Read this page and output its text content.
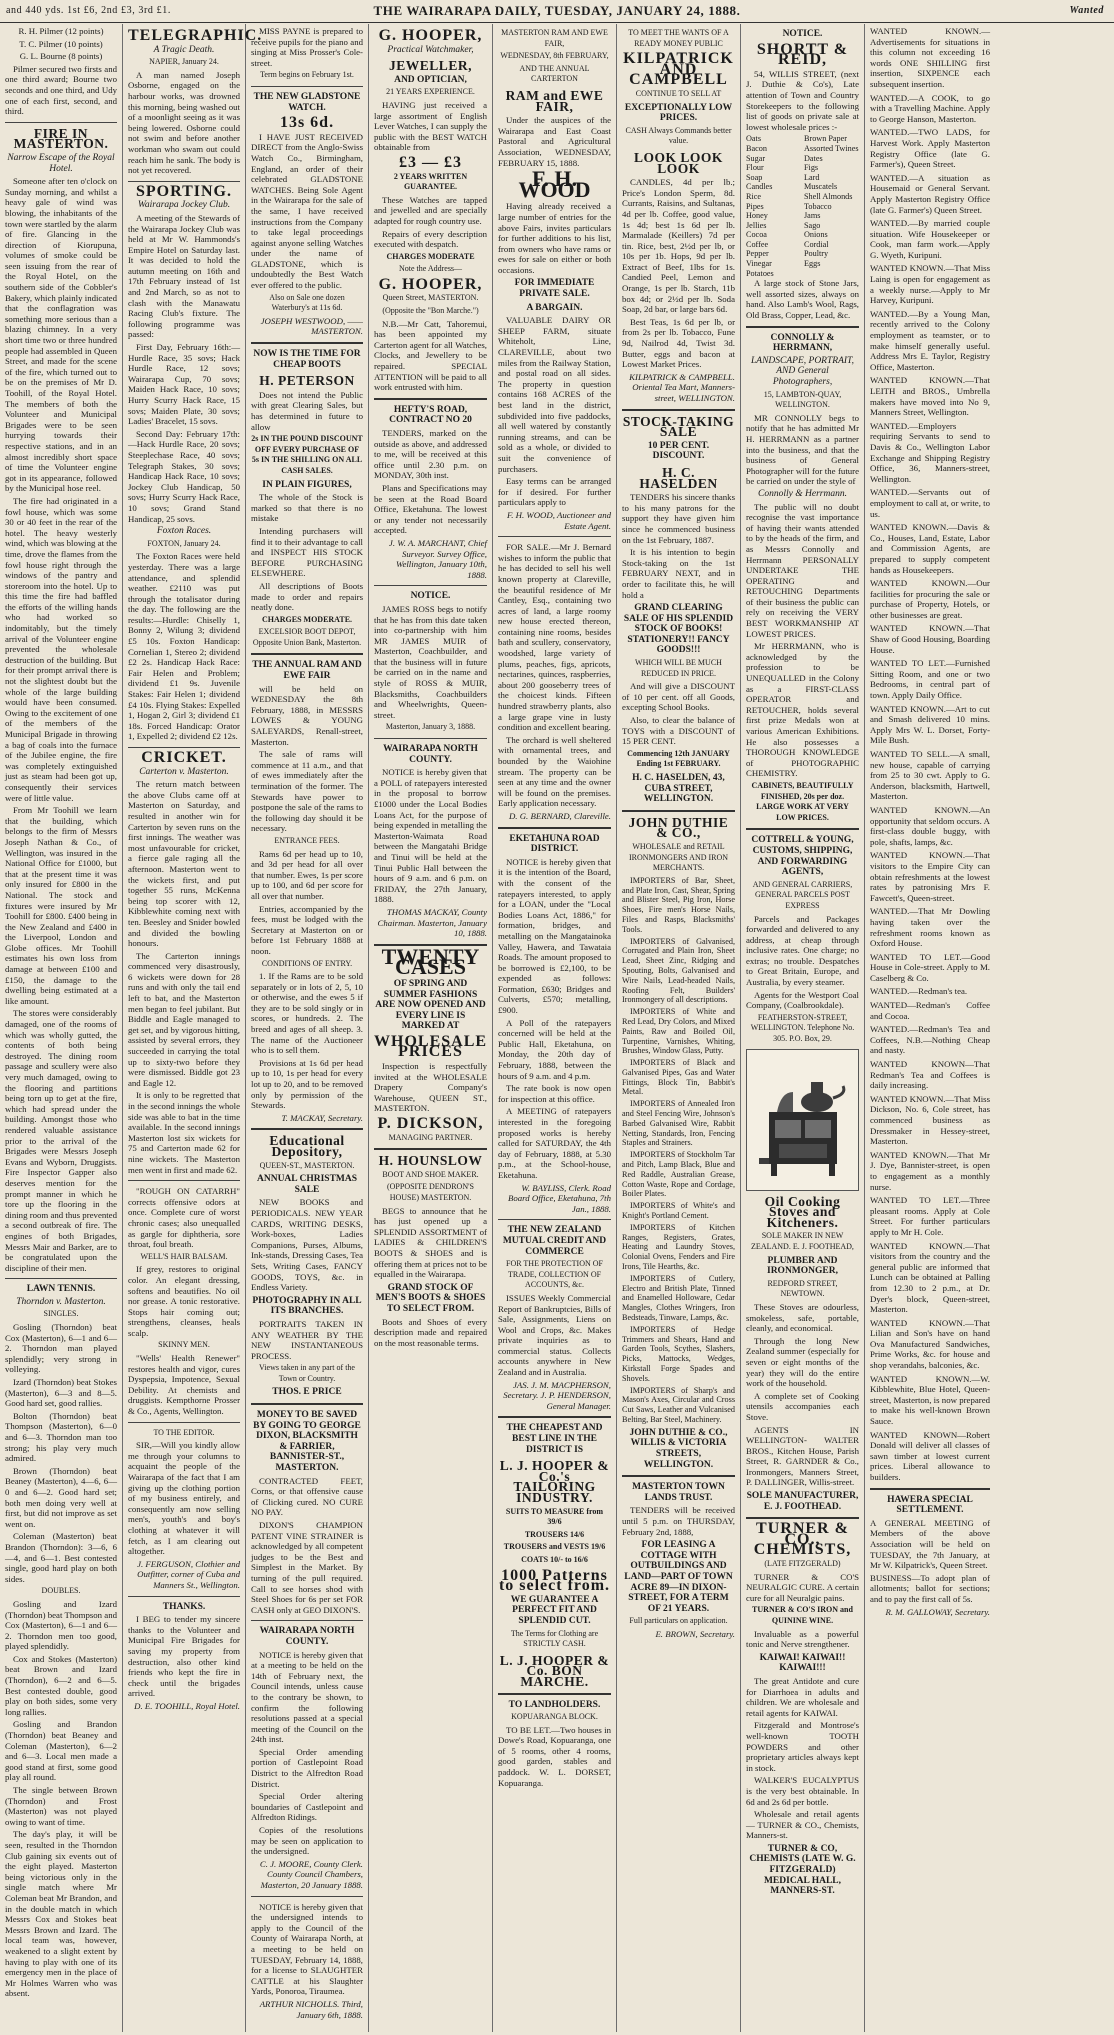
and 440 yds. 1st £6, 2nd £3, 3rd £1.	THE WAIRARAPA DAILY, TUESDAY, JANUARY 24, 1888.	Wanted

R. H. Pilmer (12 points)

T. C. Pilmer (10 points)

G. L. Bourne (8 points)

Pilmer secured two firsts and one third award; Bourne two seconds and one third, and Udy one of each first, second, and third.

FIRE IN MASTERTON.
Narrow Escape of the Royal Hotel.

Someone after ten o'clock on Sunday morning, and whilst a heavy gale of wind was blowing, the inhabitants of the town were startled by the alarm of fire. Glancing in the direction of Kiorupuna, volumes of smoke could be seen issuing from the rear of the Royal Hotel, on the southern side of the Cobbler's Bakery, which plainly indicated that the conflagration was something more serious than a blazing chimney. In a very short time two or three hundred people had assembled in Queen Street, and made for the scene of the fire, which turned out to be on the premises of Mr D. Toohill, of the Royal Hotel. The members of both the Volunteer and Municipal Brigades were to be seen hurrying towards their respective stations, and in an almost incredibly short space of time the Volunteer engine got in its appearance, followed by the Municipal hose reel.

The fire had originated in a fowl house, which was some 30 or 40 feet in the rear of the hotel. The heavy westerly wind, which was blowing at the time, drove the flames from the fowl house right through the windows of the pantry and storeroom into the hotel. Up to this time the fire had baffled the efforts of the willing hands who had worked so indomitably, but the timely arrival of the Volunteer engine prevented the wholesale destruction of the building. But for their prompt arrival there is not the slightest doubt but the whole of the large building would have been consumed. Owing to the excitement of one of the members of the Municipal Brigade in throwing a bag of coals into the furnace of the Jubilee engine, the fire was completely extinguished just as steam had been got up, consequently their services were of little value.

From Mr Toohill we learn that the building, which belongs to the firm of Messrs Joseph Nathan & Co., of Wellington, was insured in the National Office for £1000, but that at the present time it was only insured for £800 in the National. The stock and fixtures were insured by Mr Toohill for £800. £400 being in the New Zealand and £400 in the Liverpool, London and Globe offices. Mr Toohill estimates his own loss from damage at between £100 and £150, the damage to the dwelling being estimated at a like amount.

The stores were considerably damaged, one of the rooms of which was wholly gutted, the contents of both being destroyed. The dining room passage and scullery were also very much damaged, owing to the flooring and partitions being torn up to get at the fire, which had spread under the building. Amongst those who rendered valuable assistance prior to the arrival of the Brigades were Messrs Joseph Evans and Wyborn, Druggists. Fire Inspector Gapper also deserves mention for the prompt manner in which he tore up the flooring in the dining room and thus prevented a second outbreak of fire. The engines of both Brigades, Messrs Mair and Barker, are to be congratulated upon the discipline of their men.

LAWN TENNIS.
Thorndon v. Masterton.
SINGLES.

Gosling (Thorndon) beat Cox (Masterton), 6—1 and 6—2. Thorndon man played splendidly; very strong in volleying.

Izard (Thorndon) beat Stokes (Masterton), 6—3 and 8—5. Good hard set, good rallies.

Bolton (Thorndon) beat Thompson (Masterton), 6—0 and 6—3. Thorndon man too strong; his play very much admired.

Brown (Thorndon) beat Beaney (Masterton), 4—6, 6—0 and 6—2. Good hard set; both men doing very well at first, but did not improve as set went on.

Coleman (Masterton) beat Brandon (Thorndon): 3—6, 6—4, and 6—1. Best contested single, good hard play on both sides.

DOUBLES.

Gosling and Izard (Thorndon) beat Thompson and Cox (Masterton), 6—1 and 6—2. Thorndon men too good, played splendidly.

Cox and Stokes (Masterton) beat Brown and Izard (Thorndon), 6—2 and 6—5. Best contested double, good play on both sides, some very long rallies.

Gosling and Brandon (Thorndon) beat Beaney and Coleman (Masterton), 6—2 and 6—3. Local men made a good stand at first, some good play all round.

The single between Brown (Thorndon) and Frost (Masterton) was not played owing to want of time.

The day's play, it will be seen, resulted in the Thorndon Club gaining six events out of the eight played. Masterton being victorious only in the single match where Mr Coleman beat Mr Brandon, and in the double match in which Messrs Cox and Stokes beat Messrs Brown and Izard. The local team was, however, weakened to a slight extent by having to play with one of its emergency men in the place of Mr Holmes Warren who was absent.

TELEGRAPHIC.
A Tragic Death.
NAPIER, January 24.

A man named Joseph Osborne, engaged on the harbour works, was drowned this morning, being washed out of a moonlight seeing as it was being lowered. Osborne could not swim and before another workman who swam out could reach him he sank. The body is not yet recovered.

SPORTING.
Wairarapa Jockey Club.

A meeting of the Stewards of the Wairarapa Jockey Club was held at Mr W. Hammonds's Empire Hotel on Saturday last. It was decided to hold the autumn meeting on 16th and 17th February instead of 1st and 2nd March, so as not to clash with the Manawatu Racing Club's fixture. The following programme was passed:

First Day, February 16th:—Hurdle Race, 35 sovs; Hack Hurdle Race, 12 sovs; Wairarapa Cup, 70 sovs; Maiden Hack Race, 10 sovs; Hurry Scurry Hack Race, 15 sovs; Maiden Plate, 30 sovs; Ladies' Bracelet, 15 sovs.

Second Day: February 17th:—Hack Hurdle Race, 20 sovs; Steeplechase Race, 40 sovs; Telegraph Stakes, 30 sovs; Handicap Hack Race, 10 sovs; Jockey Club Handicap, 50 sovs; Hurry Scurry Hack Race, 10 sovs; Grand Stand Handicap, 25 sovs.

Foxton Races.
FOXTON, January 24.

The Foxton Races were held yesterday. There was a large attendance, and splendid weather. £2110 was put through the totalisator during the day. The following are the results:—Hurdle: Chiselly 1, Bonny 2, Wilung 3; dividend £5 10s. Foxton Handicap: Cornelian 1, Stereo 2; dividend £2 2s. Handicap Hack Race: Fair Helen and Problem; dividend £1 9s. Juvenile Stakes: Fair Helen 1; dividend £4 10s. Flying Stakes: Expelled 1, Hogan 2, Girl 3; dividend £1 18s. Forced Handicap: Orator 1, Expelled 2; dividend £2 12s.

CRICKET.
Carterton v. Masterton.

The return match between the above Clubs came off at Masterton on Saturday, and resulted in another win for Carterton by seven runs on the first innings. The weather was most unfavourable for cricket, a fierce gale raging all the afternoon. Masterton went to the wickets first, and put together 55 runs, McKenna being top scorer with 12, Kibblewhite coming next with ten. Beesley and Snider bowled and divided the bowling honours.

The Carterton innings commenced very disastrously, 6 wickets were down for 28 runs and with only the tail end left to bat, and the Masterton men began to feel jubilant. But Biddle and Eagle managed to get set, and by vigorous hitting, assisted by several errors, they succeeded in carrying the total up to sixty-two before they were dismissed. Biddle got 23 and Eagle 12.

It is only to be regretted that in the second innings the whole side was able to bat in the time available. In the second innings Masterton lost six wickets for 75 and Carterton made 62 for nine wickets. The Masterton men went in first and made 62.

"ROUGH ON CATARRH" corrects offensive odors at once. Complete cure of worst chronic cases; also unequalled as gargle for diphtheria, sore throat, foul breath.

WELL'S HAIR BALSAM.

If grey, restores to original color. An elegant dressing, softens and beautifies. No oil nor grease. A tonic restorative. Stops hair coming out; strengthens, cleanses, heals scalp.

SKINNY MEN.

"Wells' Health Renewer" restores health and vigor, cures Dyspepsia, Impotence, Sexual Debility. At chemists and druggists. Kempthorne Prosser & Co., Agents, Wellington.

TO THE EDITOR.

SIR,—Will you kindly allow me through your columns to acquaint the people of the Wairarapa of the fact that I am giving up the clothing portion of my business entirely, and consequently am now selling men's, youth's and boy's clothing at whatever it will fetch, as I am clearing out altogether.

J. FERGUSON, Clothier and Outfitter, corner of Cuba and Manners St., Wellington.
THANKS.

I BEG to tender my sincere thanks to the Volunteer and Municipal Fire Brigades for saving my property from destruction, also other kind friends who kept the fire in check until the brigades arrived.

D. E. TOOHILL, Royal Hotel.

MISS PAYNE is prepared to receive pupils for the piano and singing at Miss Prosser's Cole-street.

Term begins on February 1st.
THE NEW GLADSTONE WATCH.
13s 6d.

I HAVE JUST RECEIVED DIRECT from the Anglo-Swiss Watch Co., Birmingham, England, an order of their celebrated GLADSTONE WATCHES. Being Sole Agent in the Wairarapa for the sale of the same, I have received instructions from the Company to take legal proceedings against anyone selling Watches under the name of GLADSTONE, which is undoubtedly the Best Watch ever offered to the public.

Also on Sale one dozen Waterbury's at 11s 6d.
JOSEPH WESTWOOD, ——MASTERTON.
NOW IS THE TIME FOR CHEAP BOOTS
H. PETERSON

Does not intend the Public with great Clearing Sales, but has determined in future to allow

2s IN THE POUND DISCOUNT OFF EVERY PURCHASE OF 5s IN THE SHILLING ON ALL CASH SALES.
IN PLAIN FIGURES,

The whole of the Stock is marked so that there is no mistake

Intending purchasers will find it to their advantage to call and INSPECT HIS STOCK BEFORE PURCHASING ELSEWHERE.

All descriptions of Boots made to order and repairs neatly done.

CHARGES MODERATE.
EXCELSIOR BOOT DEPOT, Opposite Union Bank, Masterton.
THE ANNUAL RAM AND EWE FAIR

will be held on WEDNESDAY the 8th February, 1888, in MESSRS LOWES & YOUNG SALEYARDS, Renall-street, Masterton.

The sale of rams will commence at 11 a.m., and that of ewes immediately after the termination of the former. The Stewards have power to postpone the sale of the rams to the following day should it be necessary.

ENTRANCE FEES.

Rams 6d per head up to 10, and 3d per head for all over that number. Ewes, 1s per score up to 100, and 6d per score for all over that number.

Entries, accompanied by the fees, must be lodged with the Secretary at Masterton on or before 1st February 1888 at noon.

CONDITIONS OF ENTRY.

1. If the Rams are to be sold separately or in lots of 2, 5, 10 or otherwise, and the ewes 5 if they are to be sold singly or in scores, or hundreds. 2. The breed and ages of all sheep. 3. The name of the Auctioneer who is to sell them.

Provisions at 1s 6d per head up to 10, 1s per head for every lot up to 20, and to be removed only by permission of the Stewards.

T. MACKAY, Secretary.
Educational Depository,
QUEEN-ST., MASTERTON.
ANNUAL CHRISTMAS SALE

NEW BOOKS and PERIODICALS. NEW YEAR CARDS, WRITING DESKS, Work-boxes, Ladies Companions, Purses, Albums, Ink-stands, Dressing Cases, Tea Sets, Writing Cases, FANCY GOODS, TOYS, &c. in Endless Variety.

PHOTOGRAPHY IN ALL ITS BRANCHES.

PORTRAITS TAKEN IN ANY WEATHER BY THE NEW INSTANTANEOUS PROCESS.

Views taken in any part of the Town or Country.
THOS. E PRICE
MONEY TO BE SAVED BY GOING TO GEORGE DIXON, BLACKSMITH & FARRIER, BANNISTER-ST., MASTERTON.

CONTRACTED FEET, Corns, or that offensive cause of Clicking cured. NO CURE NO PAY.

DIXON'S CHAMPION PATENT VINE STRAINER is acknowledged by all competent judges to be the Best and Simplest in the Market. By turning of the pull required. Call to see horses shod with Steel Shoes for 6s per set FOR CASH only at GEO DIXON'S.

WAIRARAPA NORTH COUNTY.

NOTICE is hereby given that at a meeting to be held on the 14th of February next, the Council intends, unless cause to the contrary be shown, to confirm the following resolutions passed at a special meeting of the Council on the 24th inst.

Special Order amending portion of Castlepoint Road District to the Alfredton Road District.

Special Order altering boundaries of Castlepoint and Alfredton Ridings.

Copies of the resolutions may be seen on application to the undersigned.

C. J. MOORE, County Clerk. County Council Chambers, Masterton, 20 January 1888.

NOTICE is hereby given that the undersigned intends to apply to the Council of the County of Wairarapa North, at a meeting to be held on TUESDAY, February 14, 1888, for a license to SLAUGHTER CATTLE at his Slaughter Yards, Ponoroa, Tiraumea.

ARTHUR NICHOLLS. Third, January 6th, 1888.
G. HOOPER,
Practical Watchmaker,
JEWELLER,
AND OPTICIAN,
21 YEARS EXPERIENCE.

HAVING just received a large assortment of English Lever Watches, I can supply the public with the BEST WATCH obtainable from

£3 — £3
2 YEARS WRITTEN GUARANTEE.

These Watches are tapped and jewelled and are specially adapted for rough country use.

Repairs of every description executed with despatch.

CHARGES MODERATE
Note the Address—
G. HOOPER,
Queen Street, MASTERTON.
(Opposite the "Bon Marche.")

N.B.—Mr Catt, Tahoremui, has been appointed my Carterton agent for all Watches, Clocks, and Jewellery to be repaired. SPECIAL ATTENTION will be paid to all work entrusted with him.

HEFTY'S ROAD, CONTRACT NO 20

TENDERS, marked on the outside as above, and addressed to me, will be received at this office until 2.30 p.m. on MONDAY, 30th inst.

Plans and Specifications may be seen at the Road Board Office, Eketahuna. The lowest or any tender not necessarily accepted.

J. W. A. MARCHANT, Chief Surveyor. Survey Office, Wellington, January 10th, 1888.
NOTICE.

JAMES ROSS begs to notify that he has from this date taken into co-partnership with him MR JAMES MUIR of Masterton, Coachbuilder, and that the business will in future be carried on in the name and style of ROSS & MUIR, Blacksmiths, Coachbuilders and Wheelwrights, Queen-street.

Masterton, January 3, 1888.
WAIRARAPA NORTH COUNTY.

NOTICE is hereby given that a POLL of ratepayers interested in the proposal to borrow £1000 under the Local Bodies Loans Act, for the purpose of being expended in metalling the Masterton-Waimata Road between the Mangatahi Bridge and Tinui will be held at the Tinui Public Hall between the hours of 9 a.m. and 6 p.m. on FRIDAY, the 27th January, 1888.

THOMAS MACKAY, County Chairman. Masterton, January 10, 1888.
TWENTY CASES
OF SPRING AND SUMMER FASHIONS ARE NOW OPENED AND EVERY LINE IS MARKED AT
WHOLESALE PRICES

Inspection is respectfully invited at the WHOLESALE Drapery Company's Warehouse, QUEEN ST., MASTERTON.

P. DICKSON,
MANAGING PARTNER.
H. HOUNSLOW
BOOT AND SHOE MAKER.
(OPPOSITE DENDRON'S HOUSE) MASTERTON.

BEGS to announce that he has just opened up a SPLENDID ASSORTMENT of LADIES & CHILDREN'S BOOTS & SHOES and is offering them at prices not to be equalled in the Wairarapa.

GRAND STOCK OF MEN'S BOOTS & SHOES TO SELECT FROM.

Boots and Shoes of every description made and repaired on the most reasonable terms.

MASTERTON RAM AND EWE FAIR,
WEDNESDAY, 8th FEBRUARY,
AND THE ANNUAL CARTERTON
RAM and EWE FAIR,

Under the auspices of the Wairarapa and East Coast Pastoral and Agricultural Association, WEDNESDAY, FEBRUARY 15, 1888.

F. H. WOOD

Having already received a large number of entries for the above Fairs, invites particulars for further additions to his list, from owners who have rams or ewes for sale on either or both occasions.

FOR IMMEDIATE PRIVATE SALE.
A BARGAIN.

VALUABLE DAIRY OR SHEEP FARM, situate Whiteholt, Line, CLAREVILLE, about two miles from the Railway Station, and postal road on all sides. The property in question contains 168 ACRES of the best land in the district, subdivided into five paddocks, all well watered by constantly running streams, and can be sold as a whole, or divided to suit the convenience of purchasers.

Easy terms can be arranged for if desired. For further particulars apply to

F. H. WOOD, Auctioneer and Estate Agent.

FOR SALE.—Mr J. Bernard wishes to inform the public that he has decided to sell his well known property at Clareville, the beautiful residence of Mr Cantley, Esq., containing two acres of land, a large roomy new house erected thereon, containing nine rooms, besides bath and scullery, conservatory, woodshed, large variety of plums, peaches, figs, apricots, nectarines, quinces, raspberries, about 200 gooseberry trees of the choicest kinds. Fifteen hundred strawberry plants, also a large grape vine in lusty condition and excellent bearing.

The orchard is well sheltered with ornamental trees, and bounded by the Waiohine stream. The property can be seen at any time and the owner will be found on the premises. Early application necessary.

D. G. BERNARD, Clareville.
EKETAHUNA ROAD DISTRICT.

NOTICE is hereby given that it is the intention of the Board, with the consent of the ratepayers interested, to apply for a LOAN, under the "Local Bodies Loans Act, 1886," for formation, bridges, and metalling on the Mangatainoka Valley, Hawera, and Tawataia Roads. The amount proposed to be borrowed is £2,100, to be expended as follows: Formation, £630; Bridges and Culverts, £570; metalling, £900.

A Poll of the ratepayers concerned will be held at the Public Hall, Eketahuna, on Monday, the 20th day of February, 1888, between the hours of 9 a.m. and 4 p.m.

The rate book is now open for inspection at this office.

A MEETING of ratepayers interested in the foregoing proposed works is hereby called for SATURDAY, the 4th day of February, 1888, at 5.30 p.m., at the School-house, Eketahuna.

W. BAYLISS, Clerk. Road Board Office, Eketahuna, 7th Jan., 1888.
THE NEW ZEALAND MUTUAL CREDIT AND COMMERCE
FOR THE PROTECTION OF TRADE, COLLECTION OF ACCOUNTS, &c.

ISSUES Weekly Commercial Report of Bankruptcies, Bills of Sale, Assignments, Liens on Wool and Crops, &c. Makes private inquiries as to commercial status. Collects accounts anywhere in New Zealand and in Australia.

JAS. J. M. MACPHERSON, Secretary. J. P. HENDERSON, General Manager.
THE CHEAPEST AND BEST LINE IN THE DISTRICT IS
L. J. HOOPER & Co.'s TAILORING INDUSTRY.
SUITS TO MEASURE from 39/6
TROUSERS 14/6
TROUSERS and VESTS 19/6
COATS 10/- to 16/6
1000 Patterns to select from.
WE GUARANTEE A PERFECT FIT AND SPLENDID CUT.
The Terms for Clothing are STRICTLY CASH.
L. J. HOOPER & Co. BON MARCHE.
TO LANDHOLDERS.
KOPUARANGA BLOCK.

TO BE LET.—Two houses in Dowe's Road, Kopuaranga, one of 5 rooms, other 4 rooms, good garden, stables and paddock. W. L. DORSET, Kopuaranga.

TO MEET THE WANTS OF A READY MONEY PUBLIC
KILPATRICK AND CAMPBELL
CONTINUE TO SELL AT
EXCEPTIONALLY LOW PRICES.
CASH Always Commands better value.
LOOK LOOK LOOK

CANDLES, 4d per lb.; Price's London Sperm, 8d. Currants, Raisins, and Sultanas, 4d per lb. Coffee, good value, 1s 4d; best 1s 6d per lb. Marmalade (Keillers) 7d per tin. Rice, best, 2½d per lb, or 10s per 1b. Hops, 9d per lb. Extract of Beef, 1lbs for 1s. Candied Peel, Lemon and Orange, 1s per lb. Starch, 11b box 4d; or 2½d per lb. Soda Soap, 2d bar, or large bars 6d.

Best Teas, 1s 6d per lb, or from 2s per lb. Tobacco, Fune 9d, Nailrod 4d, Twist 3d. Butter, eggs and bacon at Lowest Market Prices.

KILPATRICK & CAMPBELL. Oriental Tea Mart, Manners-street, WELLINGTON.
STOCK-TAKING SALE
10 PER CENT. DISCOUNT.
H. C. HASELDEN

TENDERS his sincere thanks to his many patrons for the support they have given him since he commenced business on the 1st February, 1887.

It is his intention to begin Stock-taking on the 1st FEBRUARY NEXT, and in order to facilitate this, he will hold a

GRAND CLEARING SALE OF HIS SPLENDID STOCK OF BOOKS! STATIONERY!! FANCY GOODS!!!
WHICH WILL BE MUCH REDUCED IN PRICE.

And will give a DISCOUNT of 10 per cent. off all Goods, excepting School Books.

Also, to clear the balance of TOYS with a DISCOUNT of 15 PER CENT.

Commencing 12th JANUARY Ending 1st FEBRUARY.
H. C. HASELDEN, 43, CUBA STREET, WELLINGTON.
JOHN DUTHIE & CO.,
WHOLESALE and RETAIL IRONMONGERS AND IRON MERCHANTS.

IMPORTERS of Bar, Sheet, and Plate Iron, Cast, Shear, Spring and Blister Steel, Pig Iron, Horse Shoes, Fire men's Horse Nails, Files and Rasps, Blacksmiths' Tools.

IMPORTERS of Galvanised, Corrugated and Plain Iron, Sheet Lead, Sheet Zinc, Ridging and Spouting, Bolts, Galvanised and Wire Nails, Lead-headed Nails, Roofing Felt, Builders' Ironmongery of all descriptions.

IMPORTERS of White and Red Lead, Dry Colors, and Mixed Paints, Raw and Boiled Oil, Turpentine, Varnishes, Whiting, Brushes, Window Glass, Putty.

IMPORTERS of Black and Galvanised Pipes, Gas and Water Fittings, Block Tin, Babbit's Metal.

IMPORTERS of Annealed Iron and Steel Fencing Wire, Johnson's Barbed Galvanised Wire, Rabbit Netting, Standards, Iron, Fencing Staples and Strainers.

IMPORTERS of Stockholm Tar and Pitch, Lamp Black, Blue and Red Raddle, Australian Grease, Cotton Waste, Rope and Cordage, Boiler Plates.

IMPORTERS of White's and Knight's Portland Cement.

IMPORTERS of Kitchen Ranges, Registers, Grates, Heating and Laundry Stoves, Colonial Ovens, Fenders and Fire Irons, Tile Hearths, &c.

IMPORTERS of Cutlery, Electro and British Plate, Tinned and Enamelled Holloware, Cedar Mangles, Clothes Wringers, Iron Bedsteads, Tinware, Lamps, &c.

IMPORTERS of Hedge Trimmers and Shears, Hand and Garden Tools, Scythes, Slashers, Picks, Mattocks, Wedges, Kirkstall Forge Spades and Shovels.

IMPORTERS of Sharp's and Mason's Axes, Circular and Cross Cut Saws, Leather and Vulcanised Belting, Bar Steel, Machinery.

JOHN DUTHIE & CO., WILLIS & VICTORIA STREETS, WELLINGTON.
MASTERTON TOWN LANDS TRUST.

TENDERS will be received until 5 p.m. on THURSDAY, February 2nd, 1888,

FOR LEASING A COTTAGE WITH OUTBUILDINGS AND LAND—PART OF TOWN ACRE 89—IN DIXON-STREET, FOR A TERM OF 21 YEARS.
Full particulars on application.
E. BROWN, Secretary.
NOTICE.
SHORTT & REID,

54, WILLIS STREET, (next J. Duthie & Co's), Late attention of Town and Country Storekeepers to the following list of goods on private sale at lowest wholesale prices :-

Oats	Brown Paper
Bacon	Assorted Twines
Sugar	Dates
Flour	Figs
Soap	Lard
Candles	Muscatels
Rice	Shell Almonds
Pipes	Tobacco
Honey	Jams
Jellies	Sago
Cocoa	Onions
Coffee	Cordial
Pepper	Poultry
Vinegar	Eggs
Potatoes

A large stock of Stone Jars, well assorted sizes, always on hand. Also Lamb's Wool, Rags, Old Brass, Copper, Lead, &c.

CONNOLLY & HERRMANN,
LANDSCAPE, PORTRAIT, AND General Photographers,
15, LAMBTON-QUAY, WELLINGTON.

MR CONNOLLY begs to notify that he has admitted Mr H. HERRMANN as a partner into the business, and that the business of General Photographer will for the future be carried on under the style of

Connolly & Herrmann.

The public will no doubt recognise the vast importance of having their wants attended to by the heads of the firm, and as Messrs Connolly and Herrmann PERSONALLY UNDERTAKE THE OPERATING and RETOUCHING Departments of their business the public can rely on receiving the VERY BEST WORKMANSHIP AT LOWEST PRICES.

Mr HERRMANN, who is acknowledged by the profession to be UNEQUALLED in the Colony as a FIRST-CLASS OPERATOR and RETOUCHER, holds several first prize Medals won at various American Exhibitions. He also possesses a THOROUGH KNOWLEDGE of PHOTOGRAPHIC CHEMISTRY.

CABINETS, BEAUTIFULLY FINISHED, 20s per doz. LARGE WORK AT VERY LOW PRICES.
COTTRELL & YOUNG, CUSTOMS, SHIPPING, AND FORWARDING AGENTS,
AND GENERAL CARRIERS, GENERAL PARCELS POST EXPRESS

Parcels and Packages forwarded and delivered to any address, at cheap through inclusive rates. One charge; no extras; no trouble. Despatches to Great Britain, Europe, and Australia, by every steamer.

Agents for the Westport Coal Company, (Coalbrookdale).

FEATHERSTON-STREET, WELLINGTON. Telephone No. 305. P.O. Box, 29.
Oil Cooking Stoves and Kitcheners.
SOLE MAKER IN NEW ZEALAND. E. J. FOOTHEAD,
PLUMBER AND IRONMONGER,
REDFORD STREET, NEWTOWN.

These Stoves are odourless, smokeless, safe, portable, cleanly, and economical.

Through the long New Zealand summer (especially for seven or eight months of the year) they will do the entire work of the household.

A complete set of Cooking utensils accompanies each Stove.

AGENTS IN WELLINGTON- WALTER BROS., Kitchen House, Parish Street, R. GARNDER & Co., Ironmongers, Manners Street, P. DALLINGER, Willis-street.

SOLE MANUFACTURER, E. J. FOOTHEAD.
TURNER & CO., CHEMISTS,
(LATE FITZGERALD)

TURNER & CO'S NEURALGIC CURE. A certain cure for all Neuralgic pains.

TURNER & CO'S IRON and QUININE WINE.

Invaluable as a powerful tonic and Nerve strengthener.

KAIWAI! KAIWAI!! KAIWAI!!!

The great Antidote and cure for Diarrhoea in adults and children. We are wholesale and retail agents for KAIWAI.

Fitzgerald and Montrose's well-known TOOTH POWDERS and other proprietary articles always kept in stock.

WALKER'S EUCALYPTUS is the very best obtainable. In 6d and 2s 6d per bottle.

Wholesale and retail agents— TURNER & CO., Chemists, Manners-st.

TURNER & CO, CHEMISTS (LATE W. G. FITZGERALD) MEDICAL HALL, MANNERS-ST.

WANTED KNOWN.—Advertisements for situations in this column not exceeding 16 words ONE SHILLING first insertion, SIXPENCE each subsequent insertion.

WANTED.—A COOK, to go with a Travelling Machine. Apply to George Hanson, Masterton.

WANTED.—TWO LADS, for Harvest Work. Apply Masterton Registry Office (late G. Farmer's), Queen Street.

WANTED.—A situation as Housemaid or General Servant. Apply Masterton Registry Office (late G. Farmer's) Queen Street.

WANTED.—By married couple situation. Wife Housekeeper or Cook, man farm work.—Apply G. Wyeth, Kuripuni.

WANTED KNOWN.—That Miss Laing is open for engagement as a weekly nurse.—Apply to Mr Harvey, Kuripuni.

WANTED.—By a Young Man, recently arrived to the Colony employment as teamster, or to make himself generally useful. Address Mrs E. Taylor, Registry Office, Masterton.

WANTED KNOWN.—That LEITH and BROS., Umbrella makers have moved into No 9, Manners Street, Wellington.

WANTED.—Employers requiring Servants to send to Davis & Co., Wellington Labor Exchange and Shipping Registry Office, 36, Manners-street, Wellington.

WANTED.—Servants out of employment to call at, or write, to us.

WANTED KNOWN.—Davis & Co., Houses, Land, Estate, Labor and Commission Agents, are prepared to supply competent hands as Housekeepers.

WANTED KNOWN.—Our facilities for procuring the sale or purchase of Property, Hotels, or other businesses are great.

WANTED KNOWN.—That Shaw of Good Housing, Boarding House.

WANTED TO LET.—Furnished Sitting Room, and one or two Bedrooms, in central part of town. Apply Daily Office.

WANTED KNOWN.—Art to cut and Smash delivered 10 mins. Apply Mrs W. L. Dorset, Forty-Mile Bush.

WANTED TO SELL.—A small, new house, capable of carrying from 25 to 30 cwt. Apply to G. Anderson, blacksmith, Hartwell, Masterton.

WANTED KNOWN.—An opportunity that seldom occurs. A first-class double buggy, with pole, shafts, lamps, &c.

WANTED KNOWN.—That visitors to the Empire City can obtain refreshments at the lowest rates by patronising Mrs F. Fawcett's, Queen-street.

WANTED.—That Mr Dowling having taken over the refreshment rooms known as Oxford House.

WANTED TO LET.—Good House in Cole-street. Apply to M. Caselberg & Co.

WANTED.—Redman's tea.

WANTED—Redman's Coffee and Cocoa.

WANTED.—Redman's Tea and Coffees, N.B.—Nothing Cheap and nasty.

WANTED KNOWN—That Redman's Tea and Coffees is daily increasing.

WANTED KNOWN.—That Miss Dickson, No. 6, Cole street, has commenced business as Dressmaker in Hessey-street, Masterton.

WANTED KNOWN.—That Mr J. Dye, Bannister-street, is open to engagement as a monthly nurse.

WANTED TO LET.—Three pleasant rooms. Apply at Cole Street. For further particulars apply to Mr H. Cole.

WANTED KNOWN.—That visitors from the country and the general public are informed that Lunch can be obtained at Palling from 12.30 to 2 p.m., at Dr. Dyer's block, Queen-street, Masterton.

WANTED KNOWN.—That Lilian and Son's have on hand Ova Manufactured Sandwiches, Prime Works, &c. for house and shop verandahs, balconies, &c.

WANTED KNOWN.—W. Kibblewhite, Blue Hotel, Queen-street, Masterton, is now prepared to make his well-known Brown Sauce.

WANTED KNOWN—Robert Donald will deliver all classes of sawn timber at lowest current prices. Liberal allowance to builders.

HAWERA SPECIAL SETTLEMENT.

A GENERAL MEETING of Members of the above Association will be held on TUESDAY, the 7th January, at Mr W. Kilpatrick's, Queen Street.

BUSINESS—To adopt plan of allotments; ballot for sections; and to pay the first call of 5s.

R. M. GALLOWAY, Secretary.
